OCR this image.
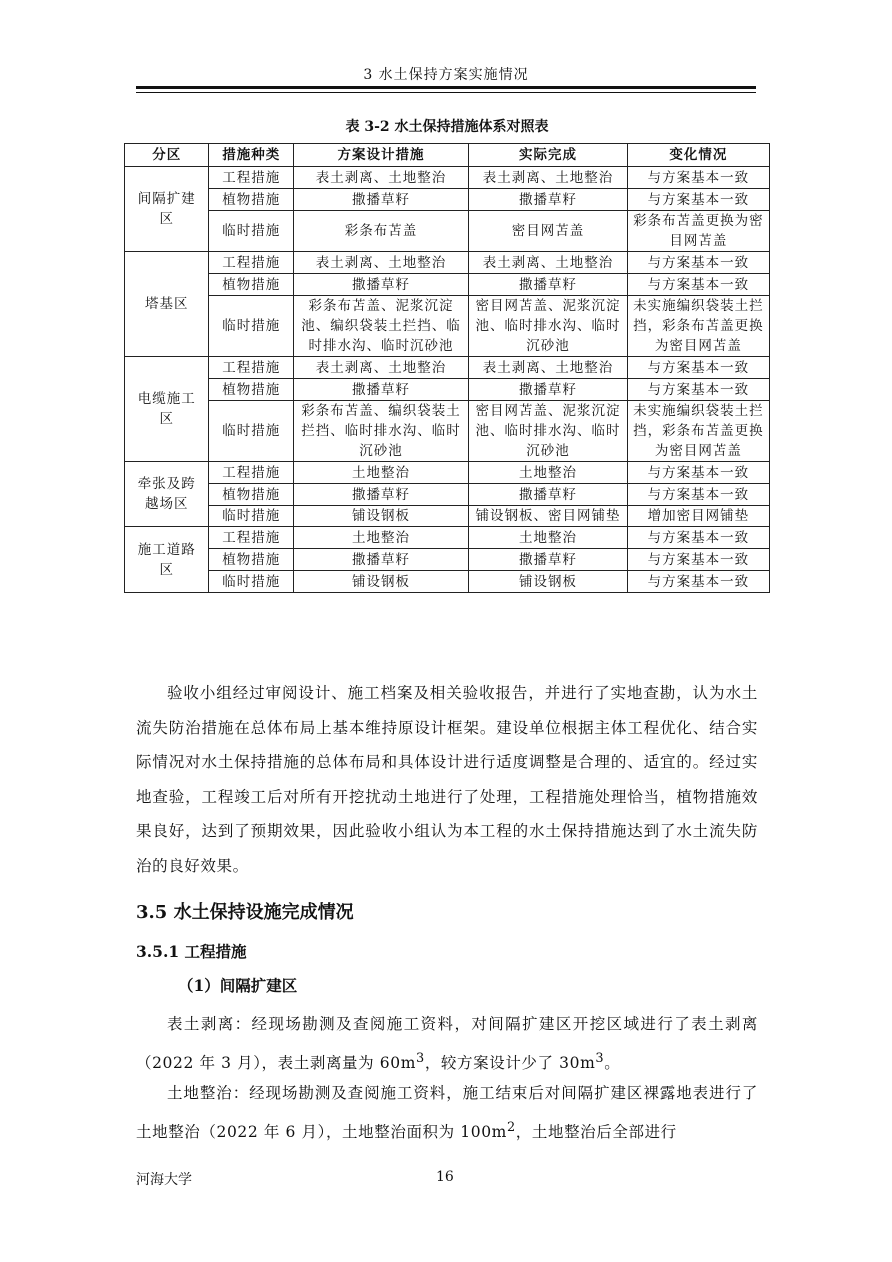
3 水土保持方案实施情况
表 3-2 水土保持措施体系对照表
分区	措施种类	方案设计措施	实际完成	变化情况
间隔扩建区	工程措施	表土剥离、土地整治	表土剥离、土地整治	与方案基本一致
	植物措施	撒播草籽	撒播草籽	与方案基本一致
	临时措施	彩条布苫盖	密目网苫盖	彩条布苫盖更换为密目网苫盖
塔基区	工程措施	表土剥离、土地整治	表土剥离、土地整治	与方案基本一致
	植物措施	撒播草籽	撒播草籽	与方案基本一致
	临时措施	彩条布苫盖、泥浆沉淀池、编织袋装土拦挡、临时排水沟、临时沉砂池	密目网苫盖、泥浆沉淀池、临时排水沟、临时沉砂池	未实施编织袋装土拦挡，彩条布苫盖更换为密目网苫盖
电缆施工区	工程措施	表土剥离、土地整治	表土剥离、土地整治	与方案基本一致
	植物措施	撒播草籽	撒播草籽	与方案基本一致
	临时措施	彩条布苫盖、编织袋装土拦挡、临时排水沟、临时沉砂池	密目网苫盖、泥浆沉淀池、临时排水沟、临时沉砂池	未实施编织袋装土拦挡，彩条布苫盖更换为密目网苫盖
牵张及跨越场区	工程措施	土地整治	土地整治	与方案基本一致
	植物措施	撒播草籽	撒播草籽	与方案基本一致
	临时措施	铺设钢板	铺设钢板、密目网铺垫	增加密目网铺垫
施工道路区	工程措施	土地整治	土地整治	与方案基本一致
	植物措施	撒播草籽	撒播草籽	与方案基本一致
	临时措施	铺设钢板	铺设钢板	与方案基本一致

验收小组经过审阅设计、施工档案及相关验收报告，并进行了实地查勘，认为水土流失防治措施在总体布局上基本维持原设计框架。建设单位根据主体工程优化、结合实际情况对水土保持措施的总体布局和具体设计进行适度调整是合理的、适宜的。经过实地查验，工程竣工后对所有开挖扰动土地进行了处理，工程措施处理恰当，植物措施效果良好，达到了预期效果，因此验收小组认为本工程的水土保持措施达到了水土流失防治的良好效果。

3.5 水土保持设施完成情况
3.5.1 工程措施
（1）间隔扩建区

表土剥离：经现场勘测及查阅施工资料，对间隔扩建区开挖区域进行了表土剥离（2022 年 3 月），表土剥离量为 $60m^3$，较方案设计少了 $30m^3$。

土地整治：经现场勘测及查阅施工资料，施工结束后对间隔扩建区裸露地表进行了土地整治（2022 年 6 月），土地整治面积为 $100m^2$，土地整治后全部进行

河海大学	16
